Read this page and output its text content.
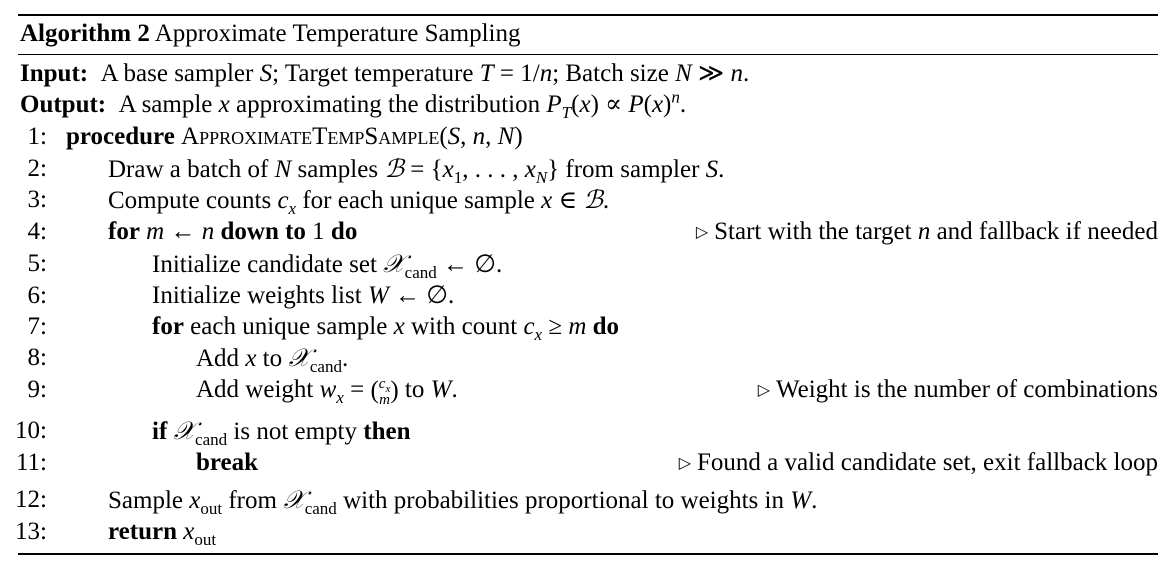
Algorithm 2 Approximate Temperature Sampling
Input:  A base sampler S; Target temperature T = 1/n; Batch size N ≫ n.
Output:  A sample x approximating the distribution $P_T(x) \propto P(x)^n$.
1: procedure ApproximateTempSample(S, n, N)
2: Draw a batch of N samples ℬ = {$x_1$, . . . , $x_N$} from sampler S.
3: Compute counts $c_x$ for each unique sample x ∈ ℬ.
4: for m ← n down to 1 do	▷ Start with the target n and fallback if needed
5:	Initialize candidate set 𝒳$_{cand}$ ← ∅.
6:	Initialize weights list W ← ∅.
7:	for each unique sample x with count $c_x \ge m$ do
8:	Add x to 𝒳$_{cand}$.
9:	Add weight $w_x = (c_x$
m) to W.	▷ Weight is the number of combinations
10:	if 𝒳$_{cand}$ is not empty then
11:	break	▷ Found a valid candidate set, exit fallback loop
12: Sample $x_{out}$ from 𝒳$_{cand}$ with probabilities proportional to weights in W.
13: return $x_{out}$
